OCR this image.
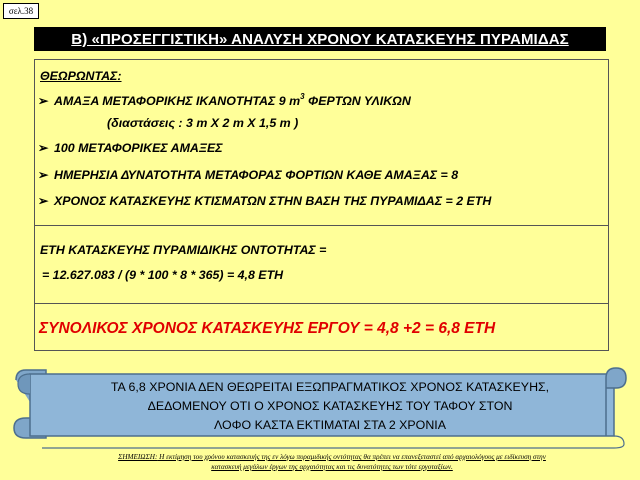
σελ.38
Β) «ΠΡΟΣΕΓΓΙΣΤΙΚΗ» ΑΝΑΛΥΣΗ ΧΡΟΝΟΥ ΚΑΤΑΣΚΕΥΗΣ ΠΥΡΑΜΙΔΑΣ
ΘΕΩΡΩΝΤΑΣ:
➢ ΑΜΑΞΑ ΜΕΤΑΦΟΡΙΚΗΣ ΙΚΑΝΟΤΗΤΑΣ 9 $m^3$ ΦΕΡΤΩΝ ΥΛΙΚΩΝ
(διαστάσεις : 3 m Χ 2 m Χ 1,5 m )
➢ 100 ΜΕΤΑΦΟΡΙΚΕΣ ΑΜΑΞΕΣ
➢ ΗΜΕΡΗΣΙΑ ΔΥΝΑΤΟΤΗΤΑ ΜΕΤΑΦΟΡΑΣ ΦΟΡΤΙΩΝ ΚΑΘΕ ΑΜΑΞΑΣ = 8
➢ ΧΡΟΝΟΣ ΚΑΤΑΣΚΕΥΗΣ ΚΤΙΣΜΑΤΩΝ ΣΤΗΝ ΒΑΣΗ ΤΗΣ ΠΥΡΑΜΙΔΑΣ = 2 ΕΤΗ
ΕΤΗ ΚΑΤΑΣΚΕΥΗΣ ΠΥΡΑΜΙΔΙΚΗΣ ΟΝΤΟΤΗΤΑΣ =
= 12.627.083 / (9 * 100 * 8 * 365) = 4,8 ΕΤΗ
ΣΥΝΟΛΙΚΟΣ ΧΡΟΝΟΣ ΚΑΤΑΣΚΕΥΗΣ ΕΡΓΟΥ = 4,8 +2 = 6,8 ΕΤΗ
ΤΑ 6,8 ΧΡΟΝΙΑ ΔΕΝ ΘΕΩΡΕΙΤΑΙ ΕΞΩΠΡΑΓΜΑΤΙΚΟΣ ΧΡΟΝΟΣ ΚΑΤΑΣΚΕΥΗΣ,
ΔΕΔΟΜΕΝΟΥ ΟΤΙ Ο ΧΡΟΝΟΣ ΚΑΤΑΣΚΕΥΗΣ ΤΟΥ ΤΑΦΟΥ ΣΤΟΝ
ΛΟΦΟ ΚΑΣΤΑ ΕΚΤΙΜΑΤΑΙ ΣΤΑ 2 ΧΡΟΝΙΑ
ΣΗΜΕΙΩΣΗ: Η εκτίμηση του χρόνου κατασκευής της εν λόγω πυραμιδικής οντότητας θα πρέπει να επανεξεταστεί από αρχαιολόγους με ειδίκευση στην
κατασκευή μεγάλων έργων της αρχαιότητας και τις δυνατότητες των τότε εργοταξίων.
